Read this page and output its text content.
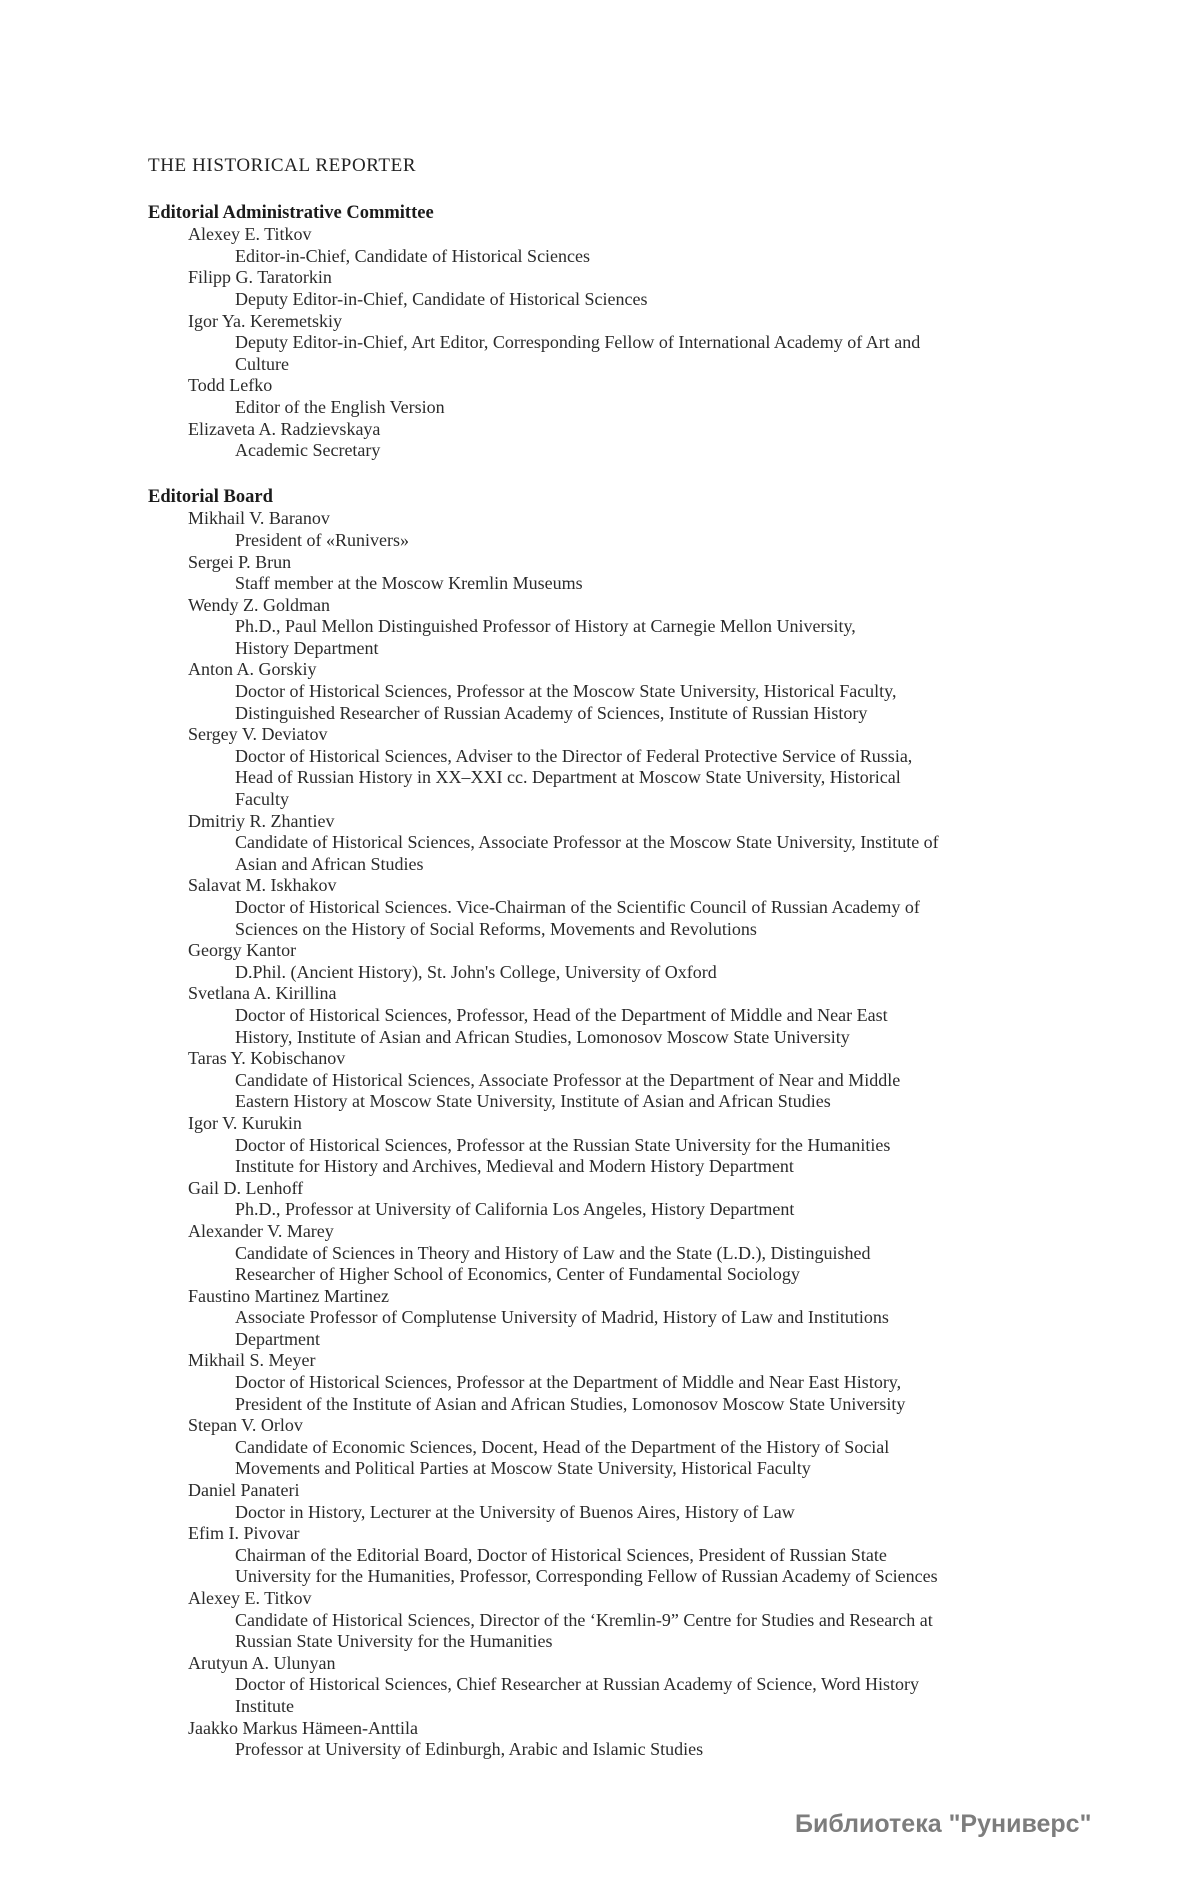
THE HISTORICAL REPORTER
Editorial Administrative Committee
Alexey E. Titkov
Editor-in-Chief, Candidate of Historical Sciences
Filipp G. Taratorkin
Deputy Editor-in-Chief, Candidate of Historical Sciences
Igor Ya. Keremetskiy
Deputy Editor-in-Chief, Art Editor, Corresponding Fellow of International Academy of Art and
Culture
Todd Lefko
Editor of the English Version
Elizaveta A. Radzievskaya
Academic Secretary
Editorial Board
Mikhail V. Baranov
President of «Runivers»
Sergei P. Brun
Staff member at the Moscow Kremlin Museums
Wendy Z. Goldman
Ph.D., Paul Mellon Distinguished Professor of History at Carnegie Mellon University,
History Department
Anton A. Gorskiy
Doctor of Historical Sciences, Professor at the Moscow State University, Historical Faculty,
Distinguished Researcher of Russian Academy of Sciences, Institute of Russian History
Sergey V. Deviatov
Doctor of Historical Sciences, Adviser to the Director of Federal Protective Service of Russia,
Head of Russian History in XX–XXI cc. Department at Moscow State University, Historical
Faculty
Dmitriy R. Zhantiev
Candidate of Historical Sciences, Associate Professor at the Moscow State University, Institute of
Asian and African Studies
Salavat M. Iskhakov
Doctor of Historical Sciences. Vice-Chairman of the Scientific Council of Russian Academy of
Sciences on the History of Social Reforms, Movements and Revolutions
Georgy Kantor
D.Phil. (Ancient History), St. John's College, University of Oxford
Svetlana A. Kirillina
Doctor of Historical Sciences, Professor, Head of the Department of Middle and Near East
History, Institute of Asian and African Studies, Lomonosov Moscow State University
Taras Y. Kobischanov
Candidate of Historical Sciences, Associate Professor at the Department of Near and Middle
Eastern History at Moscow State University, Institute of Asian and African Studies
Igor V. Kurukin
Doctor of Historical Sciences, Professor at the Russian State University for the Humanities
Institute for History and Archives, Medieval and Modern History Department
Gail D. Lenhoff
Ph.D., Professor at University of California Los Angeles, History Department
Alexander V. Marey
Candidate of Sciences in Theory and History of Law and the State (L.D.), Distinguished
Researcher of Higher School of Economics, Center of Fundamental Sociology
Faustino Martinez Martinez
Associate Professor of Complutense University of Madrid, History of Law and Institutions
Department
Mikhail S. Meyer
Doctor of Historical Sciences, Professor at the Department of Middle and Near East History,
President of the Institute of Asian and African Studies, Lomonosov Moscow State University
Stepan V. Orlov
Candidate of Economic Sciences, Docent, Head of the Department of the History of Social
Movements and Political Parties at Moscow State University, Historical Faculty
Daniel Panateri
Doctor in History, Lecturer at the University of Buenos Aires, History of Law
Efim I. Pivovar
Chairman of the Editorial Board, Doctor of Historical Sciences, President of Russian State
University for the Humanities, Professor, Corresponding Fellow of Russian Academy of Sciences
Alexey E. Titkov
Candidate of Historical Sciences, Director of the ‘Kremlin-9” Centre for Studies and Research at
Russian State University for the Humanities
Arutyun A. Ulunyan
Doctor of Historical Sciences, Chief Researcher at Russian Academy of Science, Word History
Institute
Jaakko Markus Hämeen-Anttila
Professor at University of Edinburgh, Arabic and Islamic Studies
Библиотека "Руниверс"
